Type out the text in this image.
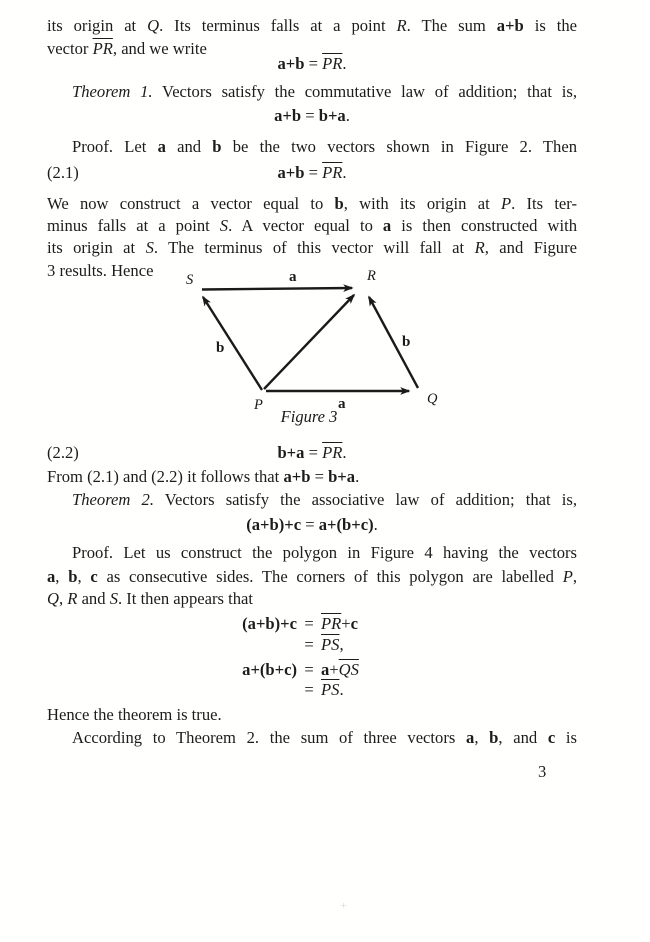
its origin at Q. Its terminus falls at a point R. The sum a+b is the
vector $\overline{PR}$, and we write
$a+b = \overline{PR}$.
Theorem 1. Vectors satisfy the commutative law of addition; that is,
a+b = b+a.
Proof. Let a and b be the two vectors shown in Figure 2. Then
(2.1)	$a+b = \overline{PR}$.
We now construct a vector equal to b, with its origin at P. Its ter-
minus falls at a point S. A vector equal to a is then constructed with
its origin at S. The terminus of this vector will fall at R, and Figure
3 results. Hence	S	R
P	Q
a
b	b
a
Figure 3
(2.2)	$b+a = \overline{PR}$.
From (2.1) and (2.2) it follows that a+b = b+a.
Theorem 2. Vectors satisfy the associative law of addition; that is,
(a+b)+c = a+(b+c).
Proof. Let us construct the polygon in Figure 4 having the vectors
a, b, c as consecutive sides. The corners of this polygon are labelled P,
Q, R and S. It then appears that
$(a+b)+c = \overline{PR}+c$
= $\overline{PS}$,
$a+(b+c) = a+\overline{QS}$
= $\overline{PS}$.
Hence the theorem is true.
According to Theorem 2. the sum of three vectors a, b, and c is
3
+
